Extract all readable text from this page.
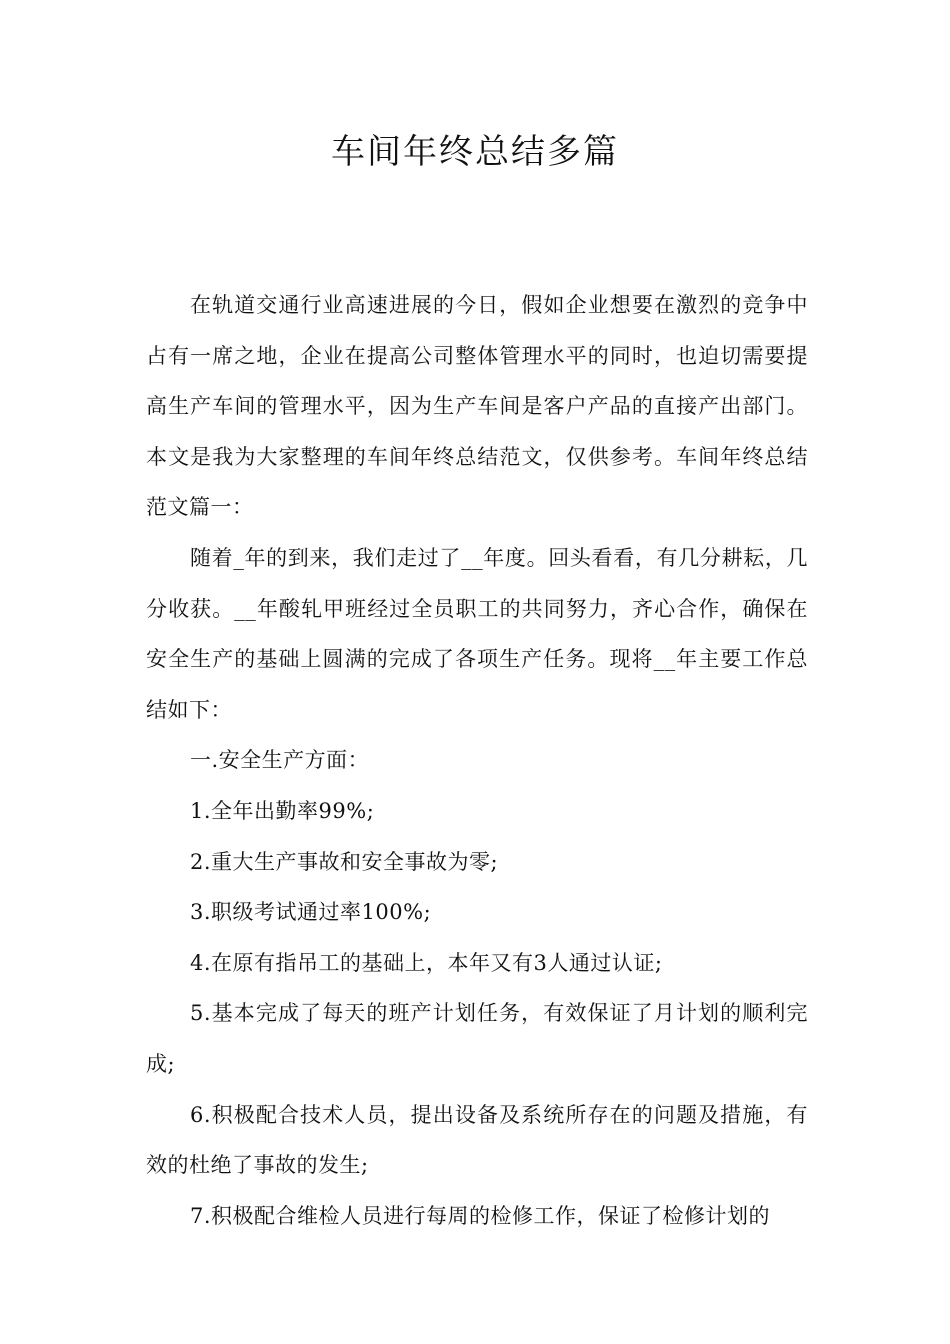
车间年终总结多篇

在轨道交通行业高速进展的今日，假如企业想要在激烈的竞争中占有一席之地，企业在提高公司整体管理水平的同时，也迫切需要提高生产车间的管理水平，因为生产车间是客户产品的直接产出部门。本文是我为大家整理的车间年终总结范文，仅供参考。车间年终总结范文篇一：

随着_年的到来，我们走过了__年度。回头看看，有几分耕耘，几分收获。__年酸轧甲班经过全员职工的共同努力，齐心合作，确保在安全生产的基础上圆满的完成了各项生产任务。现将__年主要工作总结如下：

一.安全生产方面：

1.全年出勤率99%;

2.重大生产事故和安全事故为零;

3.职级考试通过率100%;

4.在原有指吊工的基础上，本年又有3人通过认证;

5.基本完成了每天的班产计划任务，有效保证了月计划的顺利完成;

6.积极配合技术人员，提出设备及系统所存在的问题及措施，有效的杜绝了事故的发生;

7.积极配合维检人员进行每周的检修工作，保证了检修计划的
